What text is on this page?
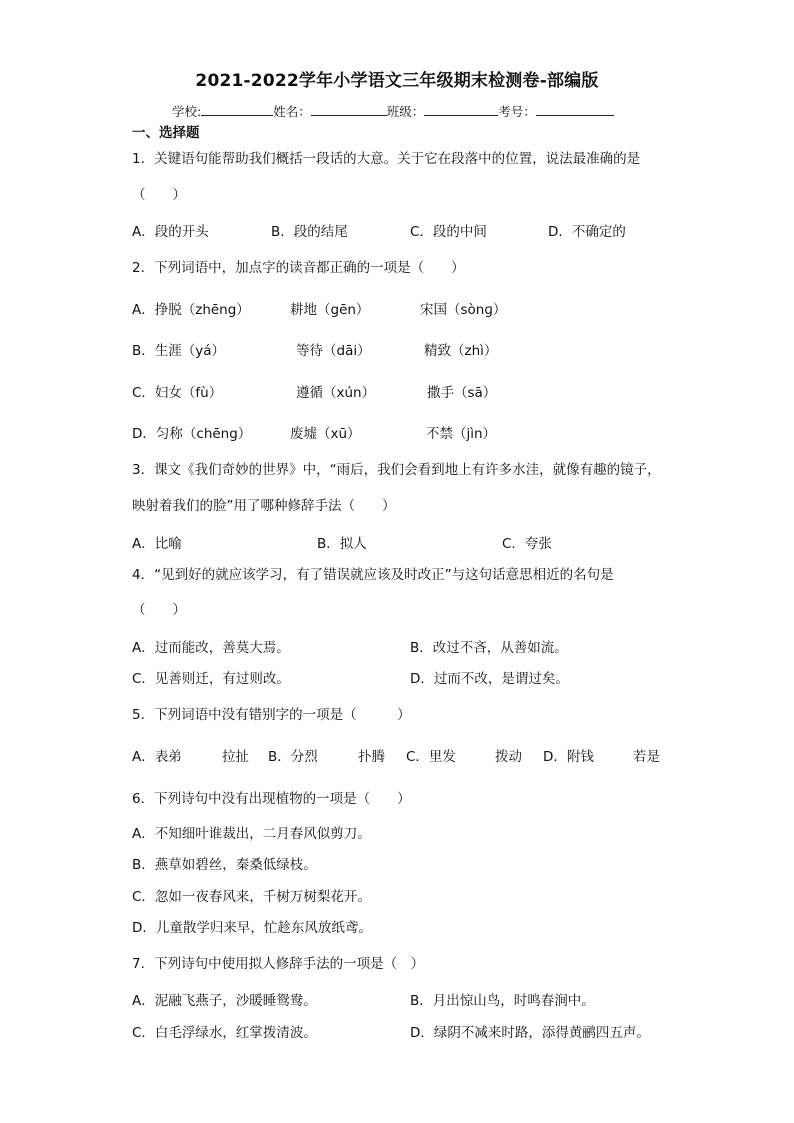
2021-2022学年小学语文三年级期末检测卷-部编版
学校:	姓名：	班级：	考号：
一、选择题
1．关键语句能帮助我们概括一段话的大意。关于它在段落中的位置，说法最准确的是
（　　）
A．段的开头	B．段的结尾	C．段的中间	D．不确定的
2．下列词语中，加点字的读音都正确的一项是（　　）
A．挣脱（zhēng）	耕地（gēn）	宋国（sònɡ）
B．生涯（yá）	等待（dāi）	精致（zhì）
C．妇女（fù）	遵循（xún）	撒手（sā）
D．匀称（chēng）	废墟（xū）	不禁（jìn）
3．课文《我们奇妙的世界》中，“雨后，我们会看到地上有许多水洼，就像有趣的镜子，
映射着我们的脸”用了哪种修辞手法（　　）
A．比喻	B．拟人	C．夸张
4．“见到好的就应该学习，有了错误就应该及时改正”与这句话意思相近的名句是
（　　）
A．过而能改，善莫大焉。	B．改过不吝，从善如流。
C．见善则迁，有过则改。	D．过而不改，是谓过矣。
5．下列词语中没有错别字的一项是（　　　）
A．表弟	拉扯 B．分烈	扑腾 C．里发	拨动 D．附钱	若是
6．下列诗句中没有出现植物的一项是（　　）
A．不知细叶谁裁出，二月春风似剪刀。
B．燕草如碧丝，秦桑低绿枝。
C．忽如一夜春风来，千树万树梨花开。
D．儿童散学归来早，忙趁东风放纸鸢。
7．下列诗句中使用拟人修辞手法的一项是（　）
A．泥融飞燕子，沙暖睡鸳鸯。	B．月出惊山鸟，时鸣春涧中。
C．白毛浮绿水，红掌拨清波。	D．绿阴不减来时路，添得黄鹂四五声。
